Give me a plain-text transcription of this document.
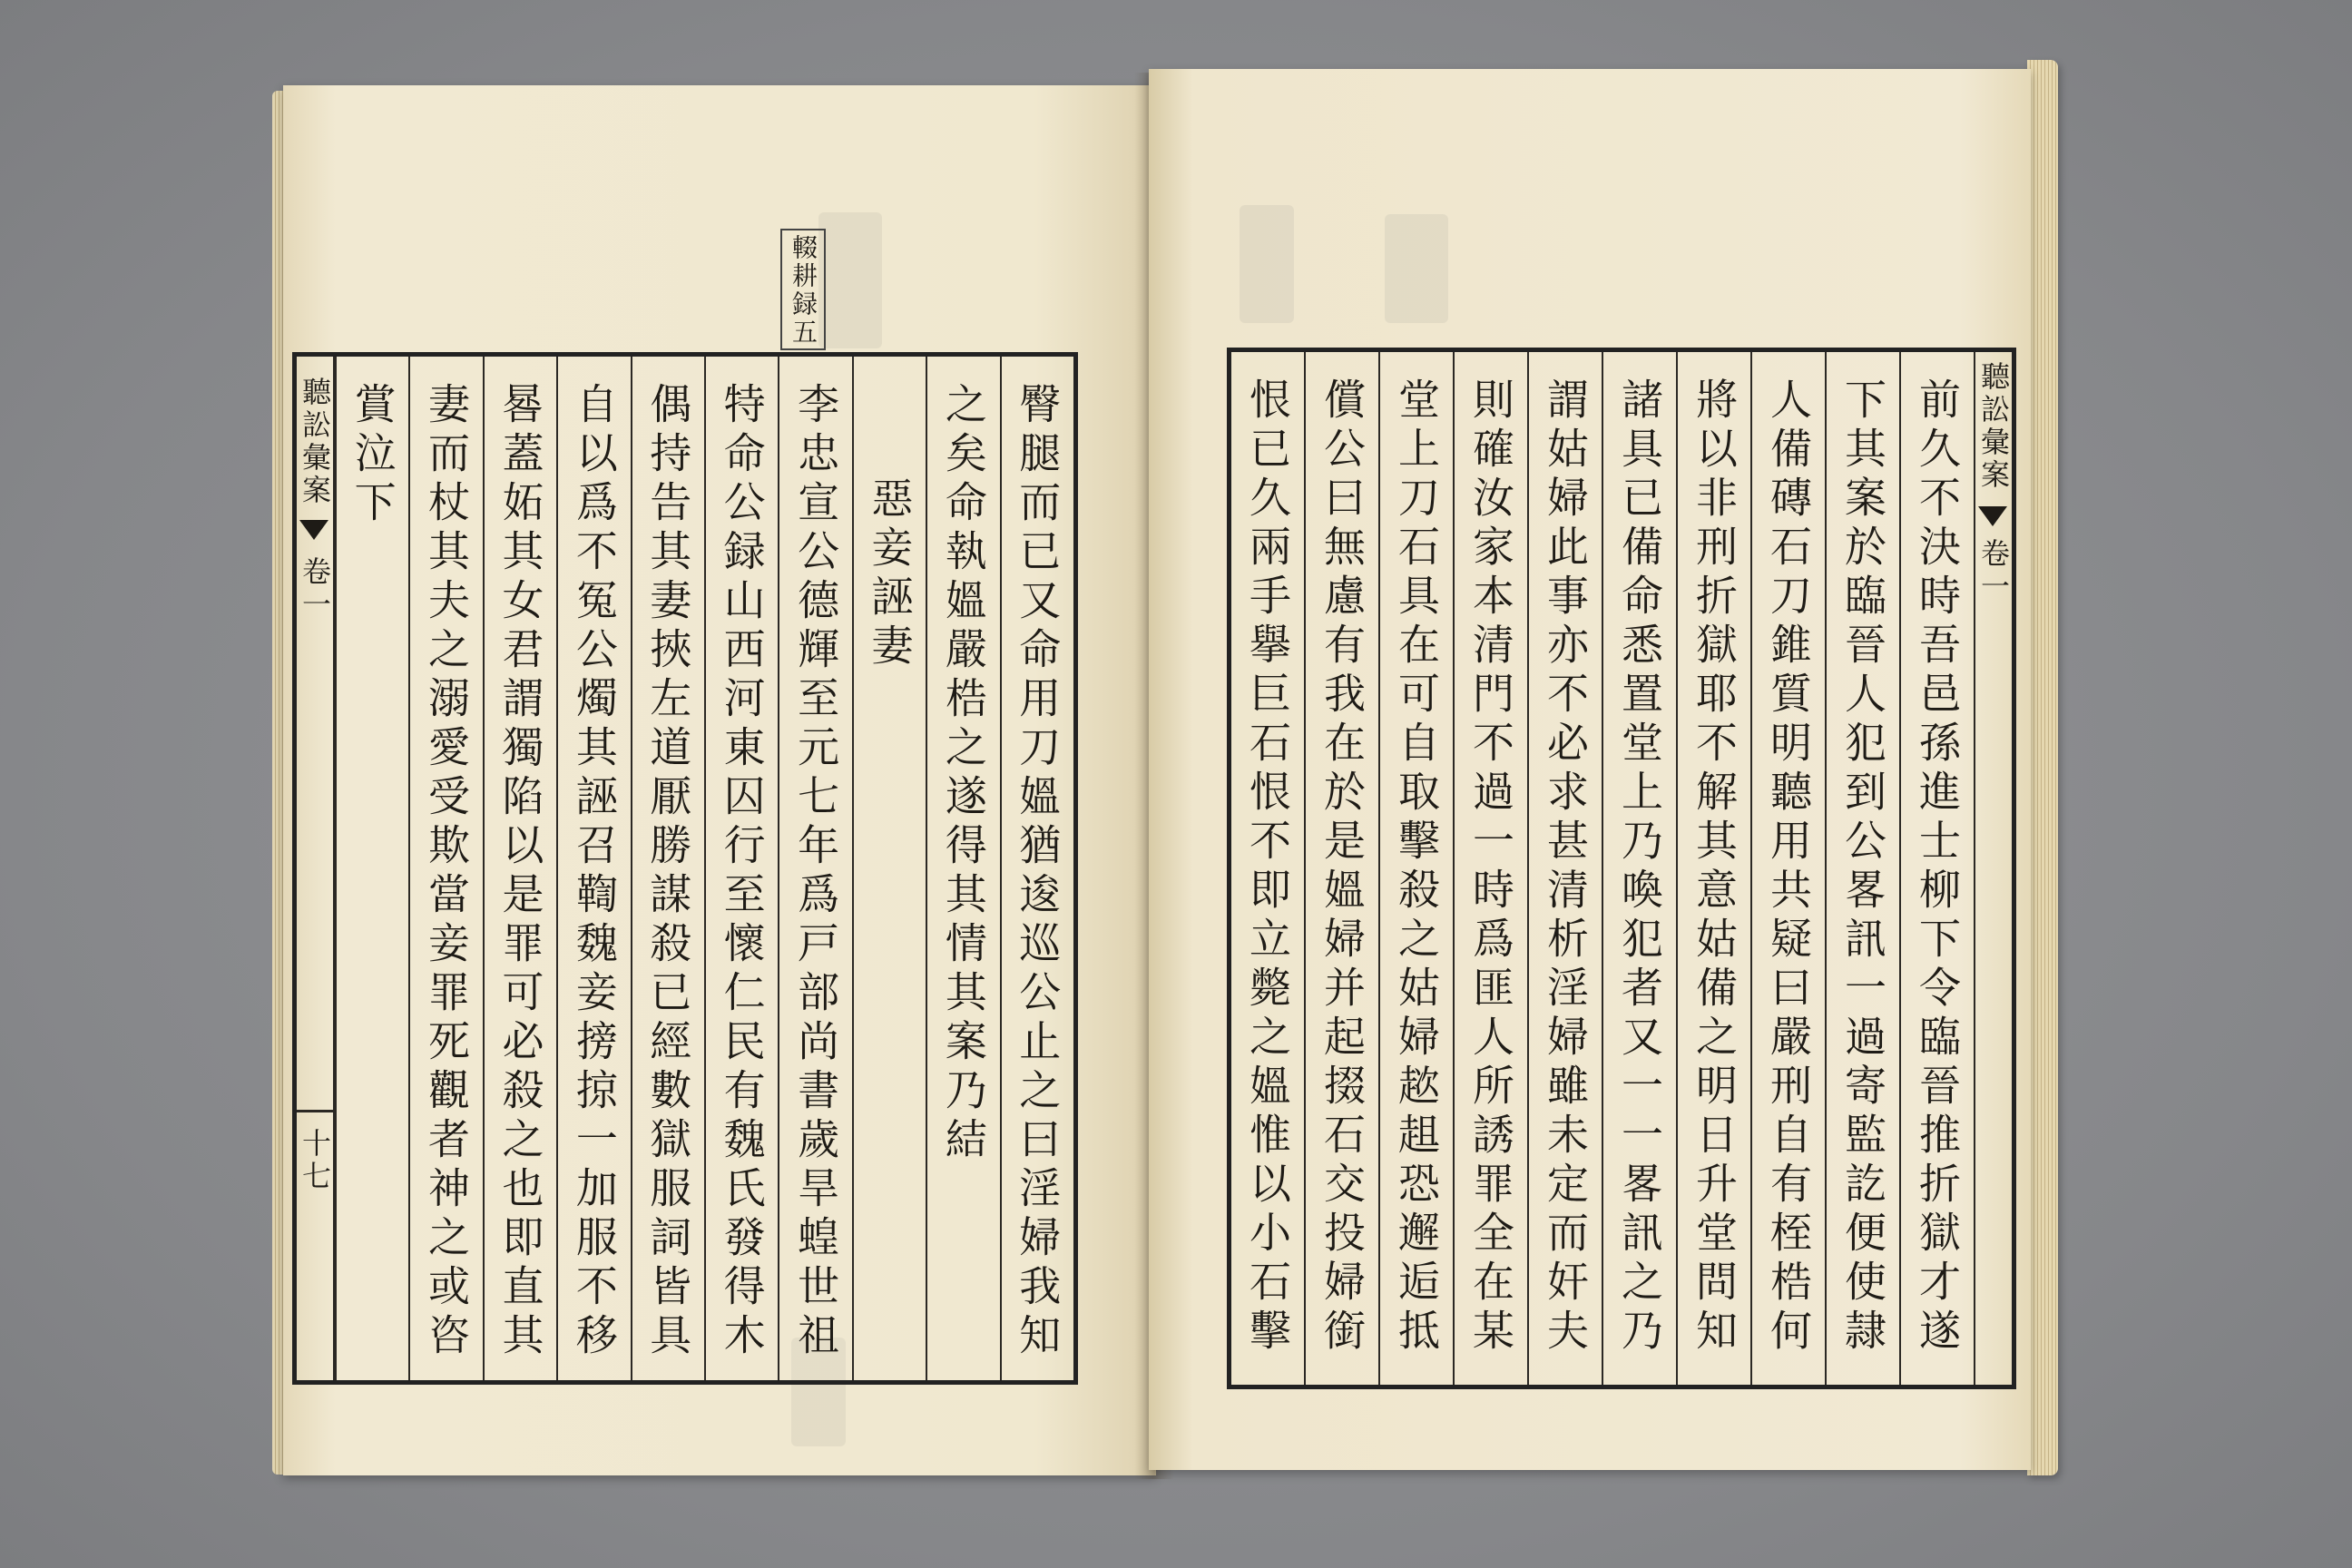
輟耕録五
臀腿而已又命用刀媼猶逡巡公止之曰淫婦我知
之矣命執媼嚴梏之遂得其情其案乃結
惡妾誣妻
李忠宣公德輝至元七年爲戸部尚書歲旱蝗世祖
特命公録山西河東囚行至懷仁民有魏氏發得木
偶持告其妻挾左道厭勝謀殺已經數獄服詞皆具
自以爲不冤公燭其誣召鞫魏妾搒掠一加服不移
晷蓋妬其女君謂獨陷以是罪可必殺之也即直其
妻而杖其夫之溺愛受欺當妾罪死觀者神之或咨
賞泣下
聽訟彙案
卷一
十七
聽訟彙案
卷一
前久不決時吾邑孫進士柳下令臨晉推折獄才遂
下其案於臨晉人犯到公畧訊一過寄監訖便使隷
人備磚石刀錐質明聽用共疑曰嚴刑自有桎梏何
將以非刑折獄耶不解其意姑備之明日升堂問知
諸具已備命悉置堂上乃喚犯者又一一畧訊之乃
謂姑婦此事亦不必求甚清析淫婦雖未定而奸夫
則確汝家本清門不過一時爲匪人所誘罪全在某
堂上刀石具在可自取擊殺之姑婦趑趄恐邂逅抵
償公曰無慮有我在於是媼婦并起掇石交投婦銜
恨已久兩手擧巨石恨不即立斃之媼惟以小石擊
